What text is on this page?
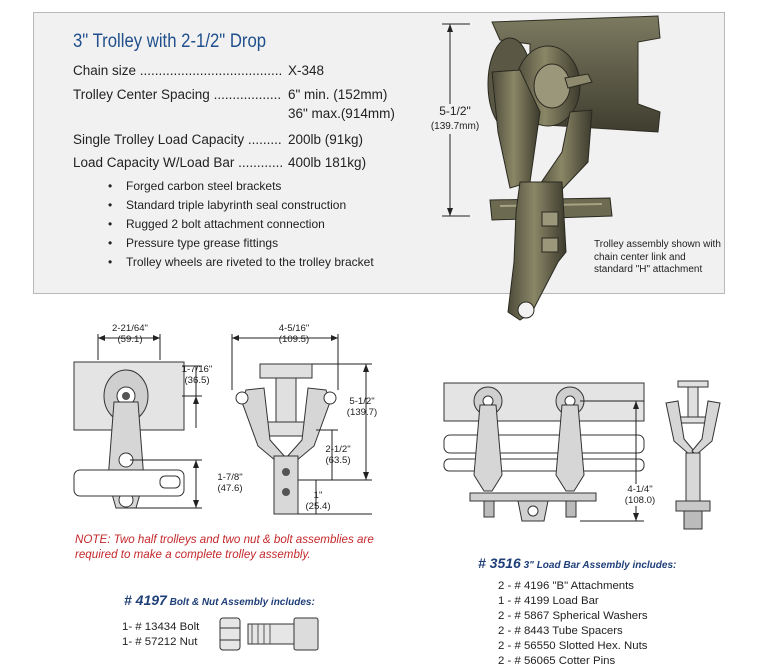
3" Trolley with 2-1/2" Drop
Chain size ...................................... X-348
Trolley Center Spacing .................. 6" min. (152mm)
36" max.(914mm)
Single Trolley Load Capacity ......... 200lb (91kg)
Load Capacity W/Load Bar ............ 400lb 181kg)
• Forged carbon steel brackets
• Standard triple labyrinth seal construction
• Rugged 2 bolt attachment connection
• Pressure type grease fittings
• Trolley wheels are riveted to the trolley bracket
5-1/2"
(139.7mm)
Trolley assembly shown with chain center link and standard "H" attachment
2-21/64"
(59.1)
1-7/16"
(36.5)
1-7/8"
(47.6)
4-5/16"
(109.5)
5-1/2"
(139.7)
2-1/2"
(63.5)
1"
(25.4)
4-1/4"
(108.0)
NOTE: Two half trolleys and two nut & bolt assemblies are required to make a complete trolley assembly.
# 4197 Bolt & Nut Assembly includes:
1- # 13434 Bolt
1- # 57212 Nut
# 3516 3" Load Bar Assembly includes:
2 - # 4196 "B" Attachments
1 - # 4199 Load Bar
2 - # 5867 Spherical Washers
2 - # 8443 Tube Spacers
2 - # 56550 Slotted Hex. Nuts
2 - # 56065 Cotter Pins
